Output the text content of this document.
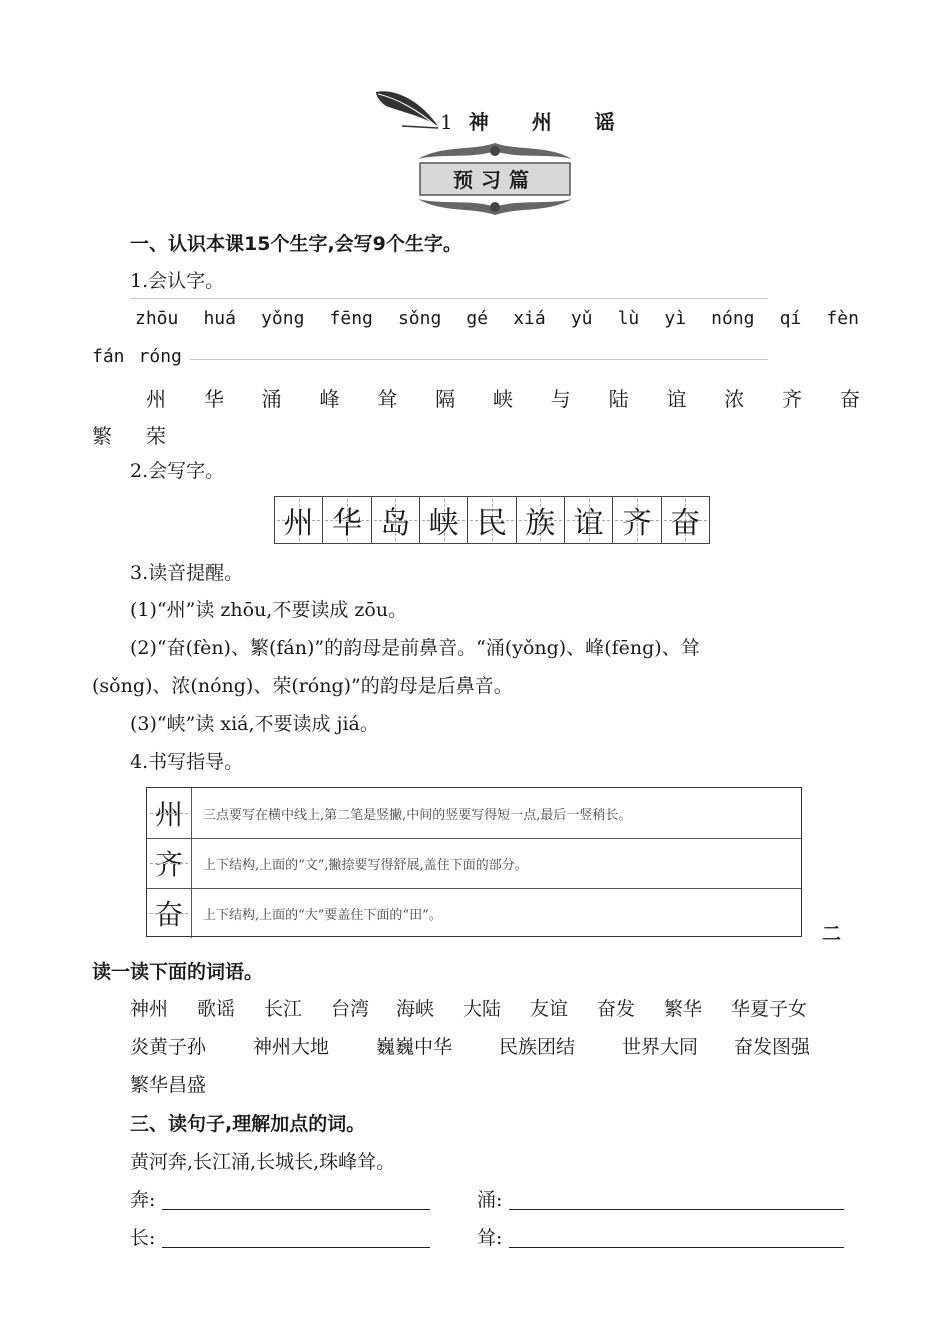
1 神 州 谣
预习篇
一、认识本课15个生字,会写9个生字。
1.会认字。
zhōu huá yǒng fēng sǒng gé xiá yǔ lù yì nóng qí fèn
fán róng
州 华 涌 峰 耸 隔 峡 与 陆 谊 浓 齐 奋
繁 荣
2.会写字。
州 华 岛 峡 民 族 谊 齐 奋
3.读音提醒。
(1)“州”读 zhōu,不要读成 zōu。
(2)“奋(fèn)、繁(fán)”的韵母是前鼻音。“涌(yǒng)、峰(fēng)、耸
(sǒng)、浓(nóng)、荣(róng)”的韵母是后鼻音。
(3)“峡”读 xiá,不要读成 jiá。
4.书写指导。
州	三点要写在横中线上,第二笔是竖撇,中间的竖要写得短一点,最后一竖稍长。
齐	上下结构,上面的“文”,撇捺要写得舒展,盖住下面的部分。
奋	上下结构,上面的“大”要盖住下面的“田”。
二
读一读下面的词语。
神州 歌谣 长江 台湾 海峡 大陆 友谊 奋发 繁华 华夏子女
炎黄子孙 神州大地 巍巍中华 民族团结 世界大同 奋发图强
繁华昌盛
三、读句子,理解加点的词。
黄河奔,长江涌,长城长,珠峰耸。
奔:	涌:
长:	耸:
